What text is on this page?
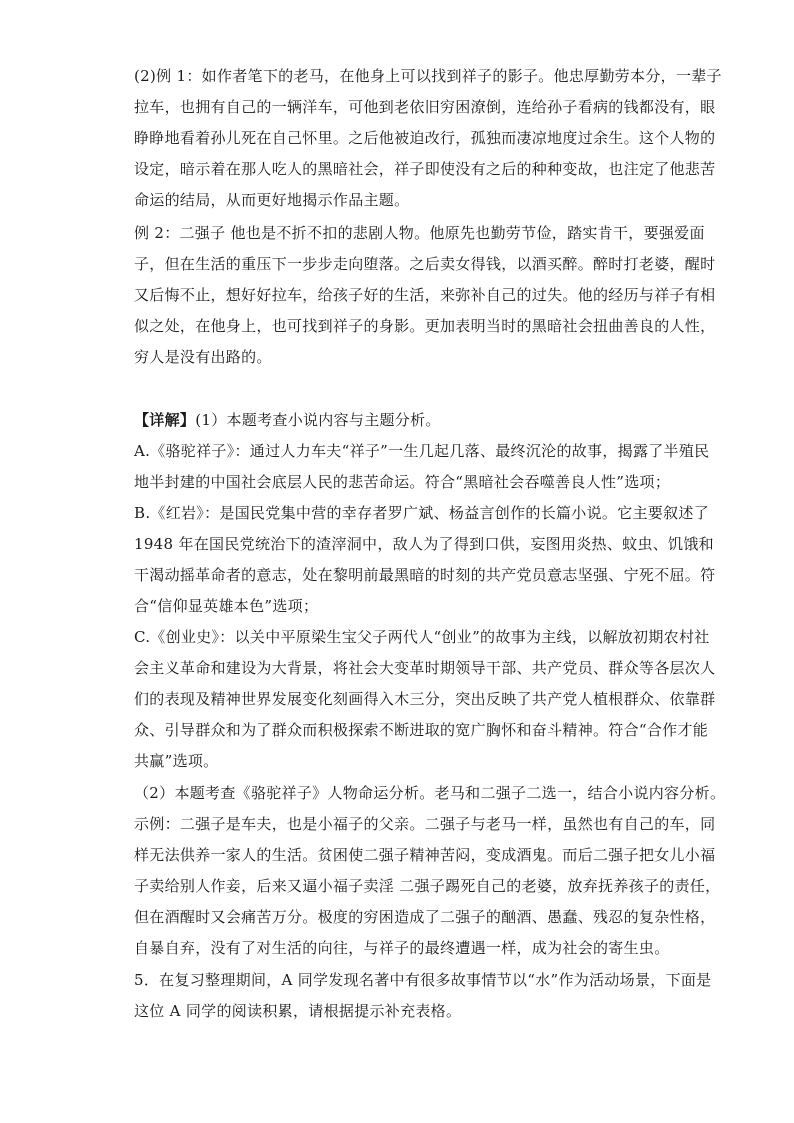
(2)例 1：如作者笔下的老马，在他身上可以找到祥子的影子。他忠厚勤劳本分，一辈子
拉车，也拥有自己的一辆洋车，可他到老依旧穷困潦倒，连给孙子看病的钱都没有，眼
睁睁地看着孙儿死在自己怀里。之后他被迫改行，孤独而凄凉地度过余生。这个人物的
设定，暗示着在那人吃人的黑暗社会，祥子即使没有之后的种种变故，也注定了他悲苦
命运的结局，从而更好地揭示作品主题。
例 2：二强子 他也是不折不扣的悲剧人物。他原先也勤劳节俭，踏实肯干，要强爱面
子，但在生活的重压下一步步走向堕落。之后卖女得钱，以酒买醉。醉时打老婆，醒时
又后悔不止，想好好拉车，给孩子好的生活，来弥补自己的过失。他的经历与祥子有相
似之处，在他身上，也可找到祥子的身影。更加表明当时的黑暗社会扭曲善良的人性，
穷人是没有出路的。
【详解】(1）本题考查小说内容与主题分析。
A.《骆驼祥子》：通过人力车夫“祥子”一生几起几落、最终沉沦的故事，揭露了半殖民
地半封建的中国社会底层人民的悲苦命运。符合“黑暗社会吞噬善良人性”选项；
B.《红岩》：是国民党集中营的幸存者罗广斌、杨益言创作的长篇小说。它主要叙述了
1948 年在国民党统治下的渣滓洞中，敌人为了得到口供，妄图用炎热、蚊虫、饥饿和
干渴动摇革命者的意志，处在黎明前最黑暗的时刻的共产党员意志坚强、宁死不屈。符
合“信仰显英雄本色”选项；
C.《创业史》：以关中平原梁生宝父子两代人“创业”的故事为主线，以解放初期农村社
会主义革命和建设为大背景，将社会大变革时期领导干部、共产党员、群众等各层次人
们的表现及精神世界发展变化刻画得入木三分，突出反映了共产党人植根群众、依靠群
众、引导群众和为了群众而积极探索不断进取的宽广胸怀和奋斗精神。符合“合作才能
共赢”选项。
（2）本题考查《骆驼祥子》人物命运分析。老马和二强子二选一，结合小说内容分析。
示例：二强子是车夫，也是小福子的父亲。二强子与老马一样，虽然也有自己的车，同
样无法供养一家人的生活。贫困使二强子精神苦闷，变成酒鬼。而后二强子把女儿小福
子卖给别人作妾，后来又逼小福子卖淫 二强子踢死自己的老婆，放弃抚养孩子的责任，
但在酒醒时又会痛苦万分。极度的穷困造成了二强子的酗酒、愚蠢、残忍的复杂性格，
自暴自弃，没有了对生活的向往，与祥子的最终遭遇一样，成为社会的寄生虫。
5．在复习整理期间，A 同学发现名著中有很多故事情节以“水”作为活动场景，下面是
这位 A 同学的阅读积累，请根据提示补充表格。
